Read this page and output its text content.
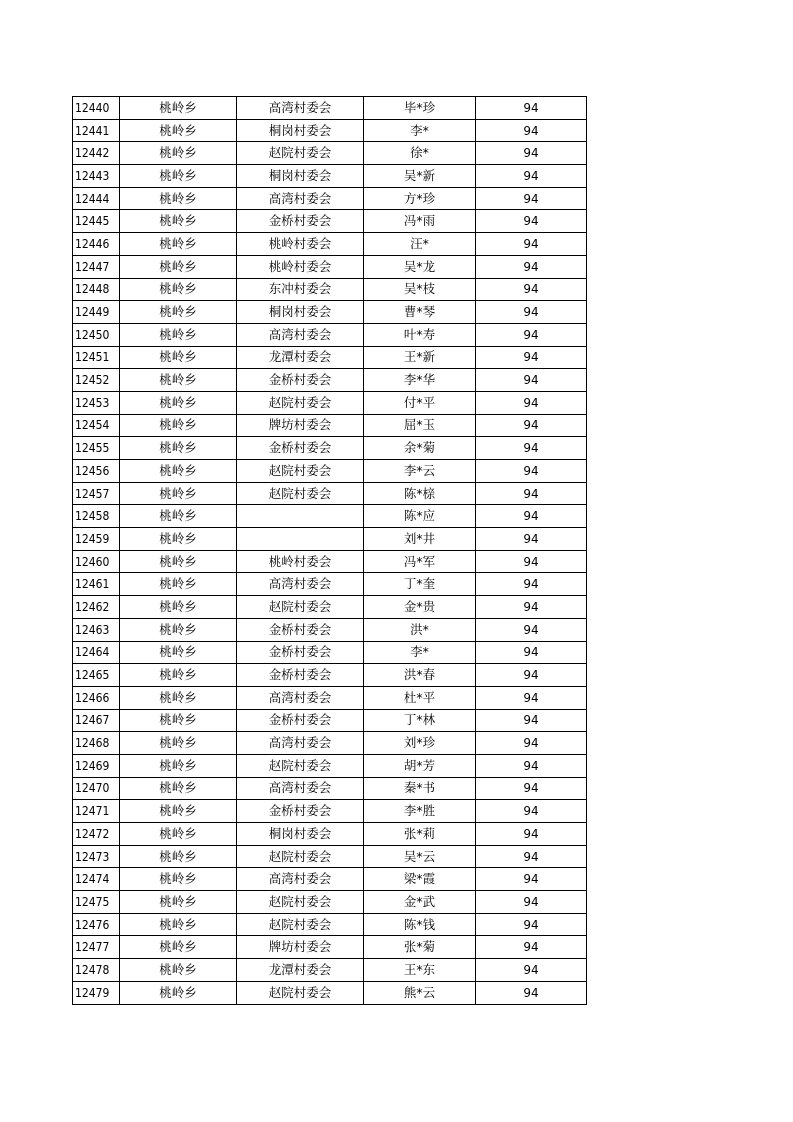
12440	桃岭乡	高湾村委会	毕*珍	94
12441	桃岭乡	桐岗村委会	李*	94
12442	桃岭乡	赵院村委会	徐*	94
12443	桃岭乡	桐岗村委会	吴*新	94
12444	桃岭乡	高湾村委会	方*珍	94
12445	桃岭乡	金桥村委会	冯*雨	94
12446	桃岭乡	桃岭村委会	汪*	94
12447	桃岭乡	桃岭村委会	吴*龙	94
12448	桃岭乡	东冲村委会	吴*枝	94
12449	桃岭乡	桐岗村委会	曹*琴	94
12450	桃岭乡	高湾村委会	叶*寿	94
12451	桃岭乡	龙潭村委会	王*新	94
12452	桃岭乡	金桥村委会	李*华	94
12453	桃岭乡	赵院村委会	付*平	94
12454	桃岭乡	牌坊村委会	屈*玉	94
12455	桃岭乡	金桥村委会	余*菊	94
12456	桃岭乡	赵院村委会	李*云	94
12457	桃岭乡	赵院村委会	陈*榇	94
12458	桃岭乡		陈*应	94
12459	桃岭乡		刘*井	94
12460	桃岭乡	桃岭村委会	冯*军	94
12461	桃岭乡	高湾村委会	丁*奎	94
12462	桃岭乡	赵院村委会	金*贵	94
12463	桃岭乡	金桥村委会	洪*	94
12464	桃岭乡	金桥村委会	李*	94
12465	桃岭乡	金桥村委会	洪*春	94
12466	桃岭乡	高湾村委会	杜*平	94
12467	桃岭乡	金桥村委会	丁*林	94
12468	桃岭乡	高湾村委会	刘*珍	94
12469	桃岭乡	赵院村委会	胡*芳	94
12470	桃岭乡	高湾村委会	秦*书	94
12471	桃岭乡	金桥村委会	李*胜	94
12472	桃岭乡	桐岗村委会	张*莉	94
12473	桃岭乡	赵院村委会	吴*云	94
12474	桃岭乡	高湾村委会	梁*霞	94
12475	桃岭乡	赵院村委会	金*武	94
12476	桃岭乡	赵院村委会	陈*钱	94
12477	桃岭乡	牌坊村委会	张*菊	94
12478	桃岭乡	龙潭村委会	王*东	94
12479	桃岭乡	赵院村委会	熊*云	94
